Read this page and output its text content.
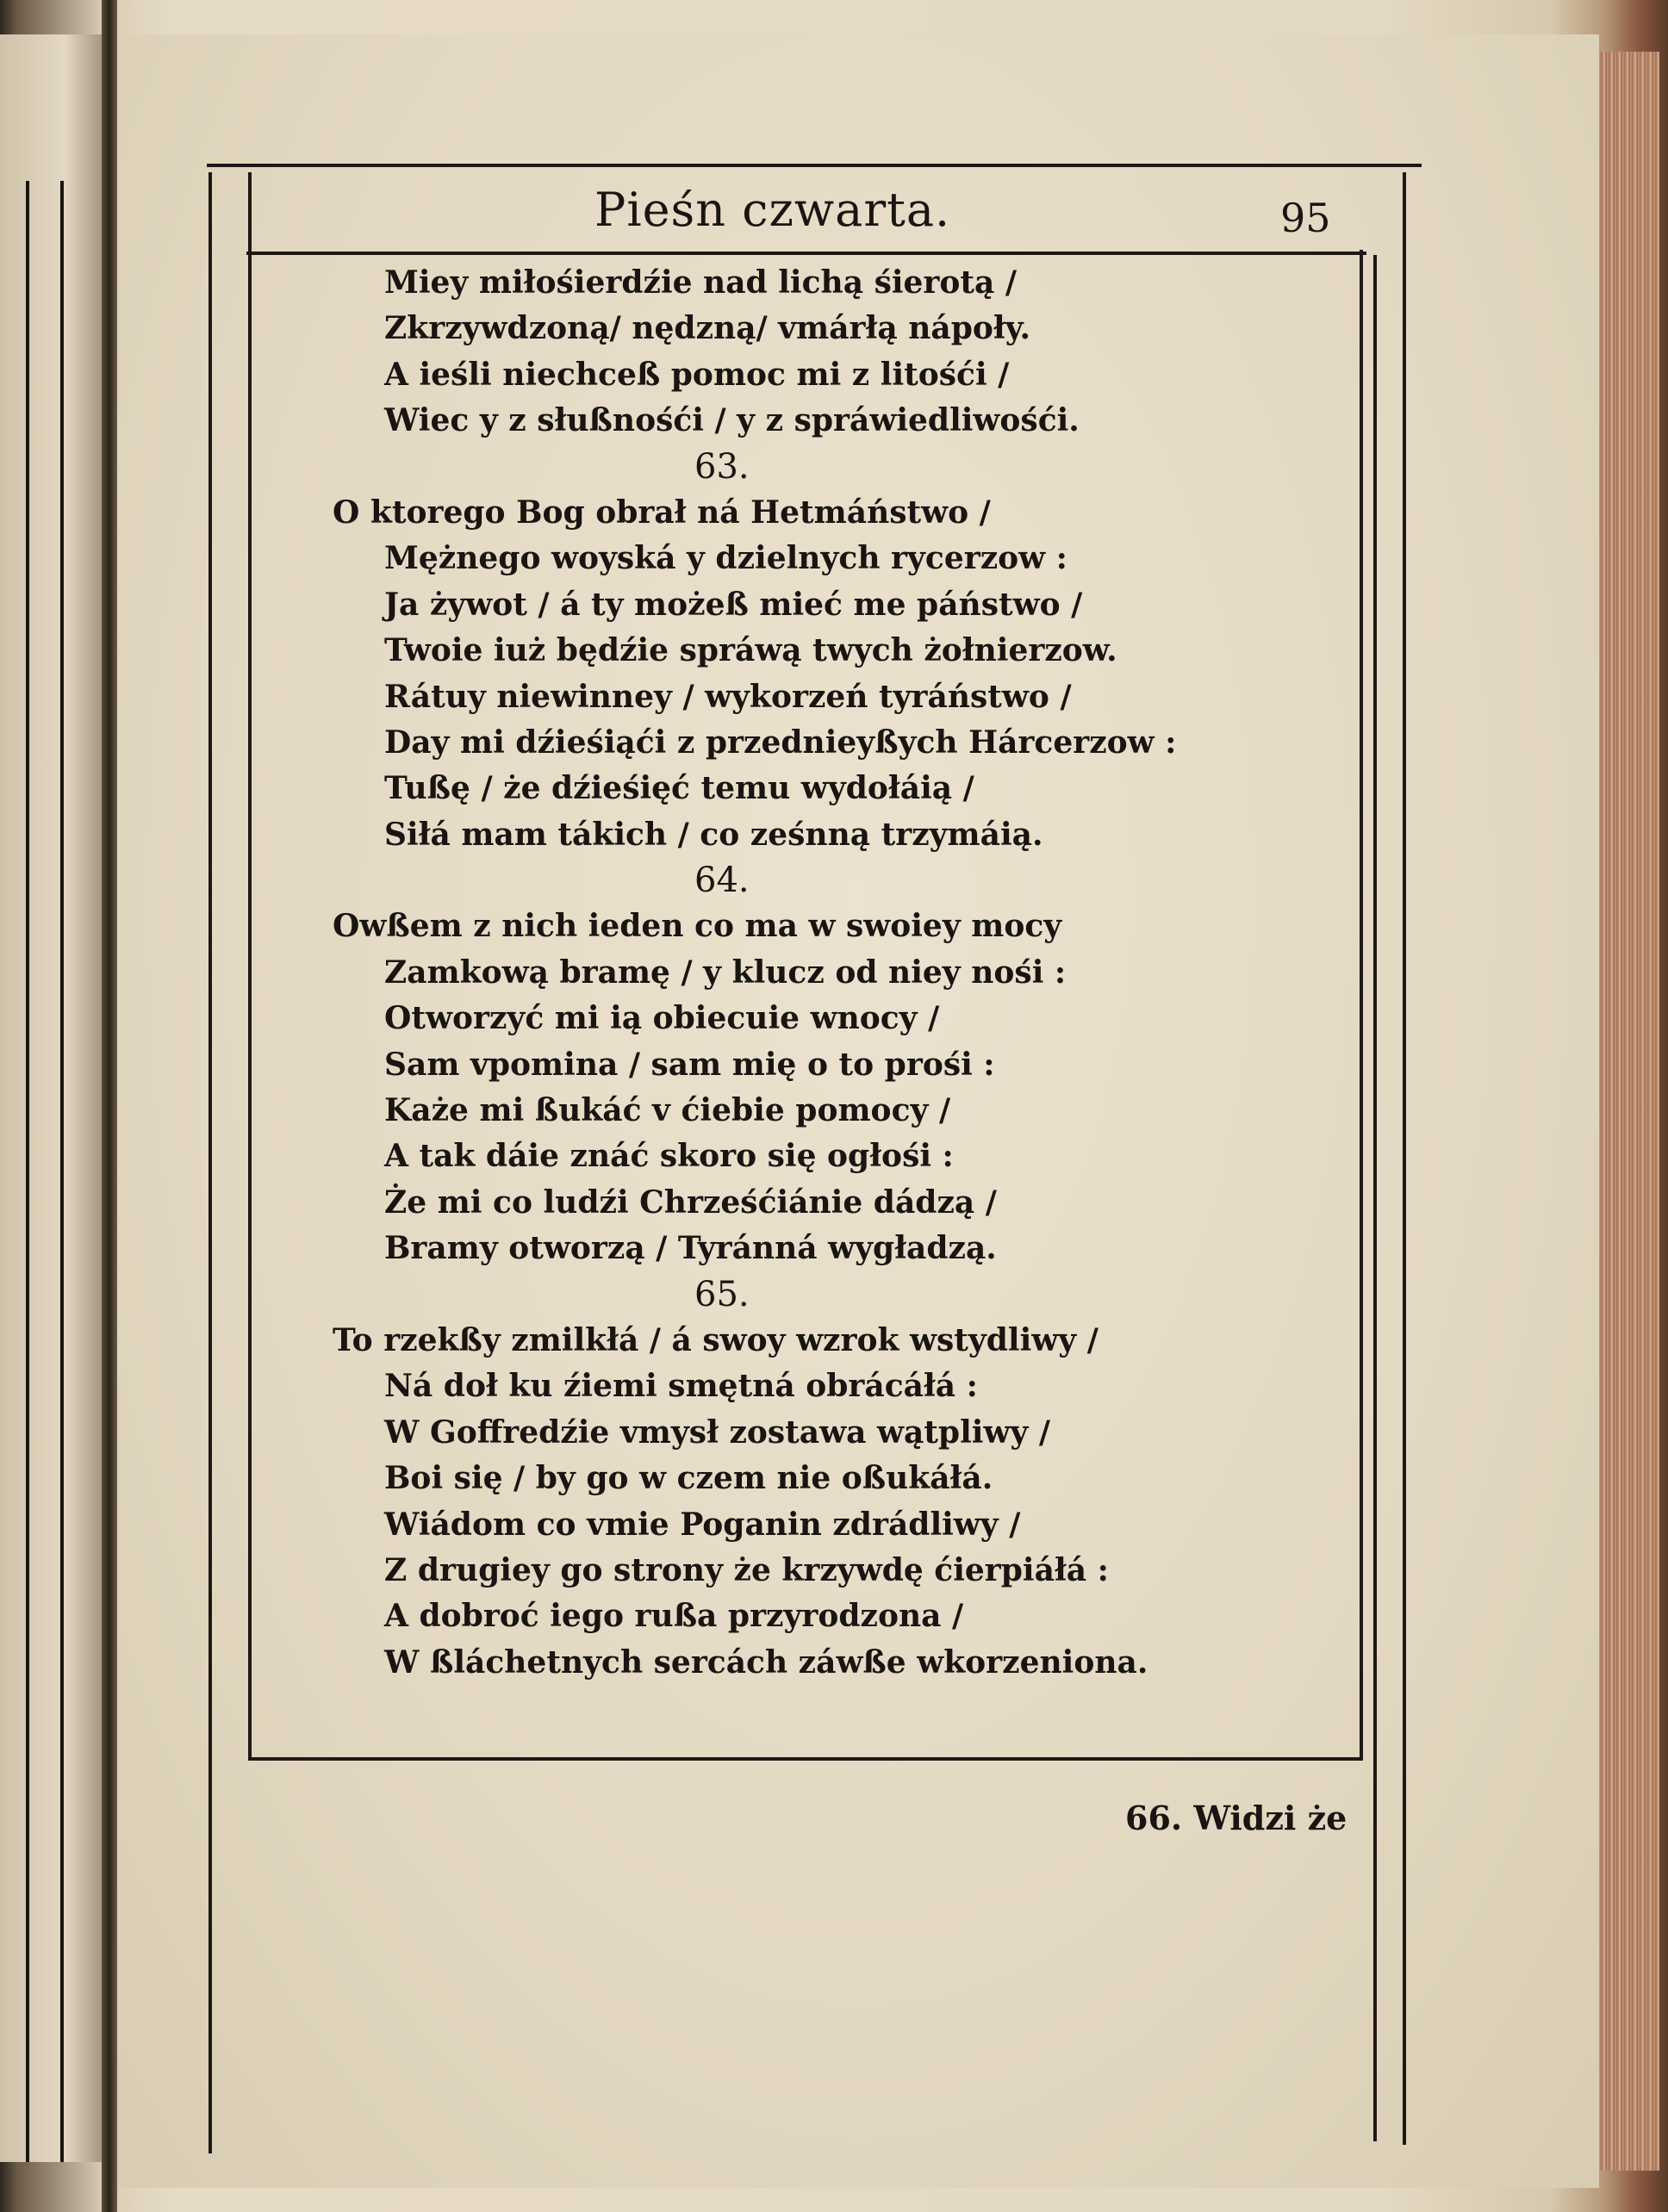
Pieśn czwarta.	95
Miey miłośierdźie nad lichą śierotą /
Zkrzywdzoną/ nędzną/ vmárłą nápoły.
A ieśli niechceß pomoc mi z litośći /
Wiec y z słußnośći / y z spráwiedliwośći.
63.
O ktorego Bog obrał ná Hetmáństwo /
Mężnego woyská y dzielnych rycerzow :
Ja żywot / á ty możeß mieć me páństwo /
Twoie iuż będźie spráwą twych żołnierzow.
Rátuy niewinney / wykorzeń tyráństwo /
Day mi dźieśiąći z przednieyßych Hárcerzow :
Tußę / że dźieśięć temu wydołáią /
Siłá mam tákich / co ześnną trzymáią.
64.
Owßem z nich ieden co ma w swoiey mocy
Zamkową bramę / y klucz od niey nośi :
Otworzyć mi ią obiecuie wnocy /
Sam vpomina / sam mię o to prośi :
Każe mi ßukáć v ćiebie pomocy /
A tak dáie znáć skoro się ogłośi :
Że mi co ludźi Chrześćiánie dádzą /
Bramy otworzą / Tyránná wygładzą.
65.
To rzekßy zmilkłá / á swoy wzrok wstydliwy /
Ná doł ku źiemi smętná obrácáłá :
W Goffredźie vmysł zostawa wątpliwy /
Boi się / by go w czem nie oßukáłá.
Wiádom co vmie Poganin zdrádliwy /
Z drugiey go strony że krzywdę ćierpiáłá :
A dobroć iego rußa przyrodzona /
W ßláchetnych sercách záwße wkorzeniona.
66. Widzi że
